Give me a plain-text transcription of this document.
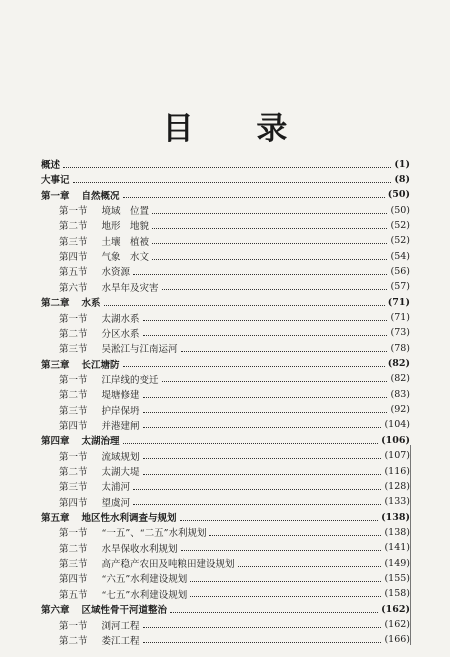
目 录
概述	(1)
大事记	(8)
第一章 自然概况	(50)
第一节 境域　位置	(50)
第二节 地形　地貌	(52)
第三节 土壤　植被	(52)
第四节 气象　水文	(54)
第五节 水资源	(56)
第六节 水旱年及灾害	(57)
第二章 水系	(71)
第一节 太湖水系	(71)
第二节 分区水系	(73)
第三节 吴淞江与江南运河	(78)
第三章 长江塘防	(82)
第一节 江岸线的变迁	(82)
第二节 堤塘修建	(83)
第三节 护岸保坍	(92)
第四节 并港建闸	(104)
第四章 太湖治理	(106)
第一节 流域规划	(107)
第二节 太湖大堤	(116)
第三节 太浦河	(128)
第四节 望虞河	(133)
第五章 地区性水利调查与规划	(138)
第一节 “一五”、“二五”水利规划	(138)
第二节 水旱保收水利规划	(141)
第三节 高产稳产农田及吨粮田建设规划	(149)
第四节 “六五”水利建设规划	(155)
第五节 “七五”水利建设规划	(158)
第六章 区域性骨干河道整治	(162)
第一节 浏河工程	(162)
第二节 娄江工程	(166)
